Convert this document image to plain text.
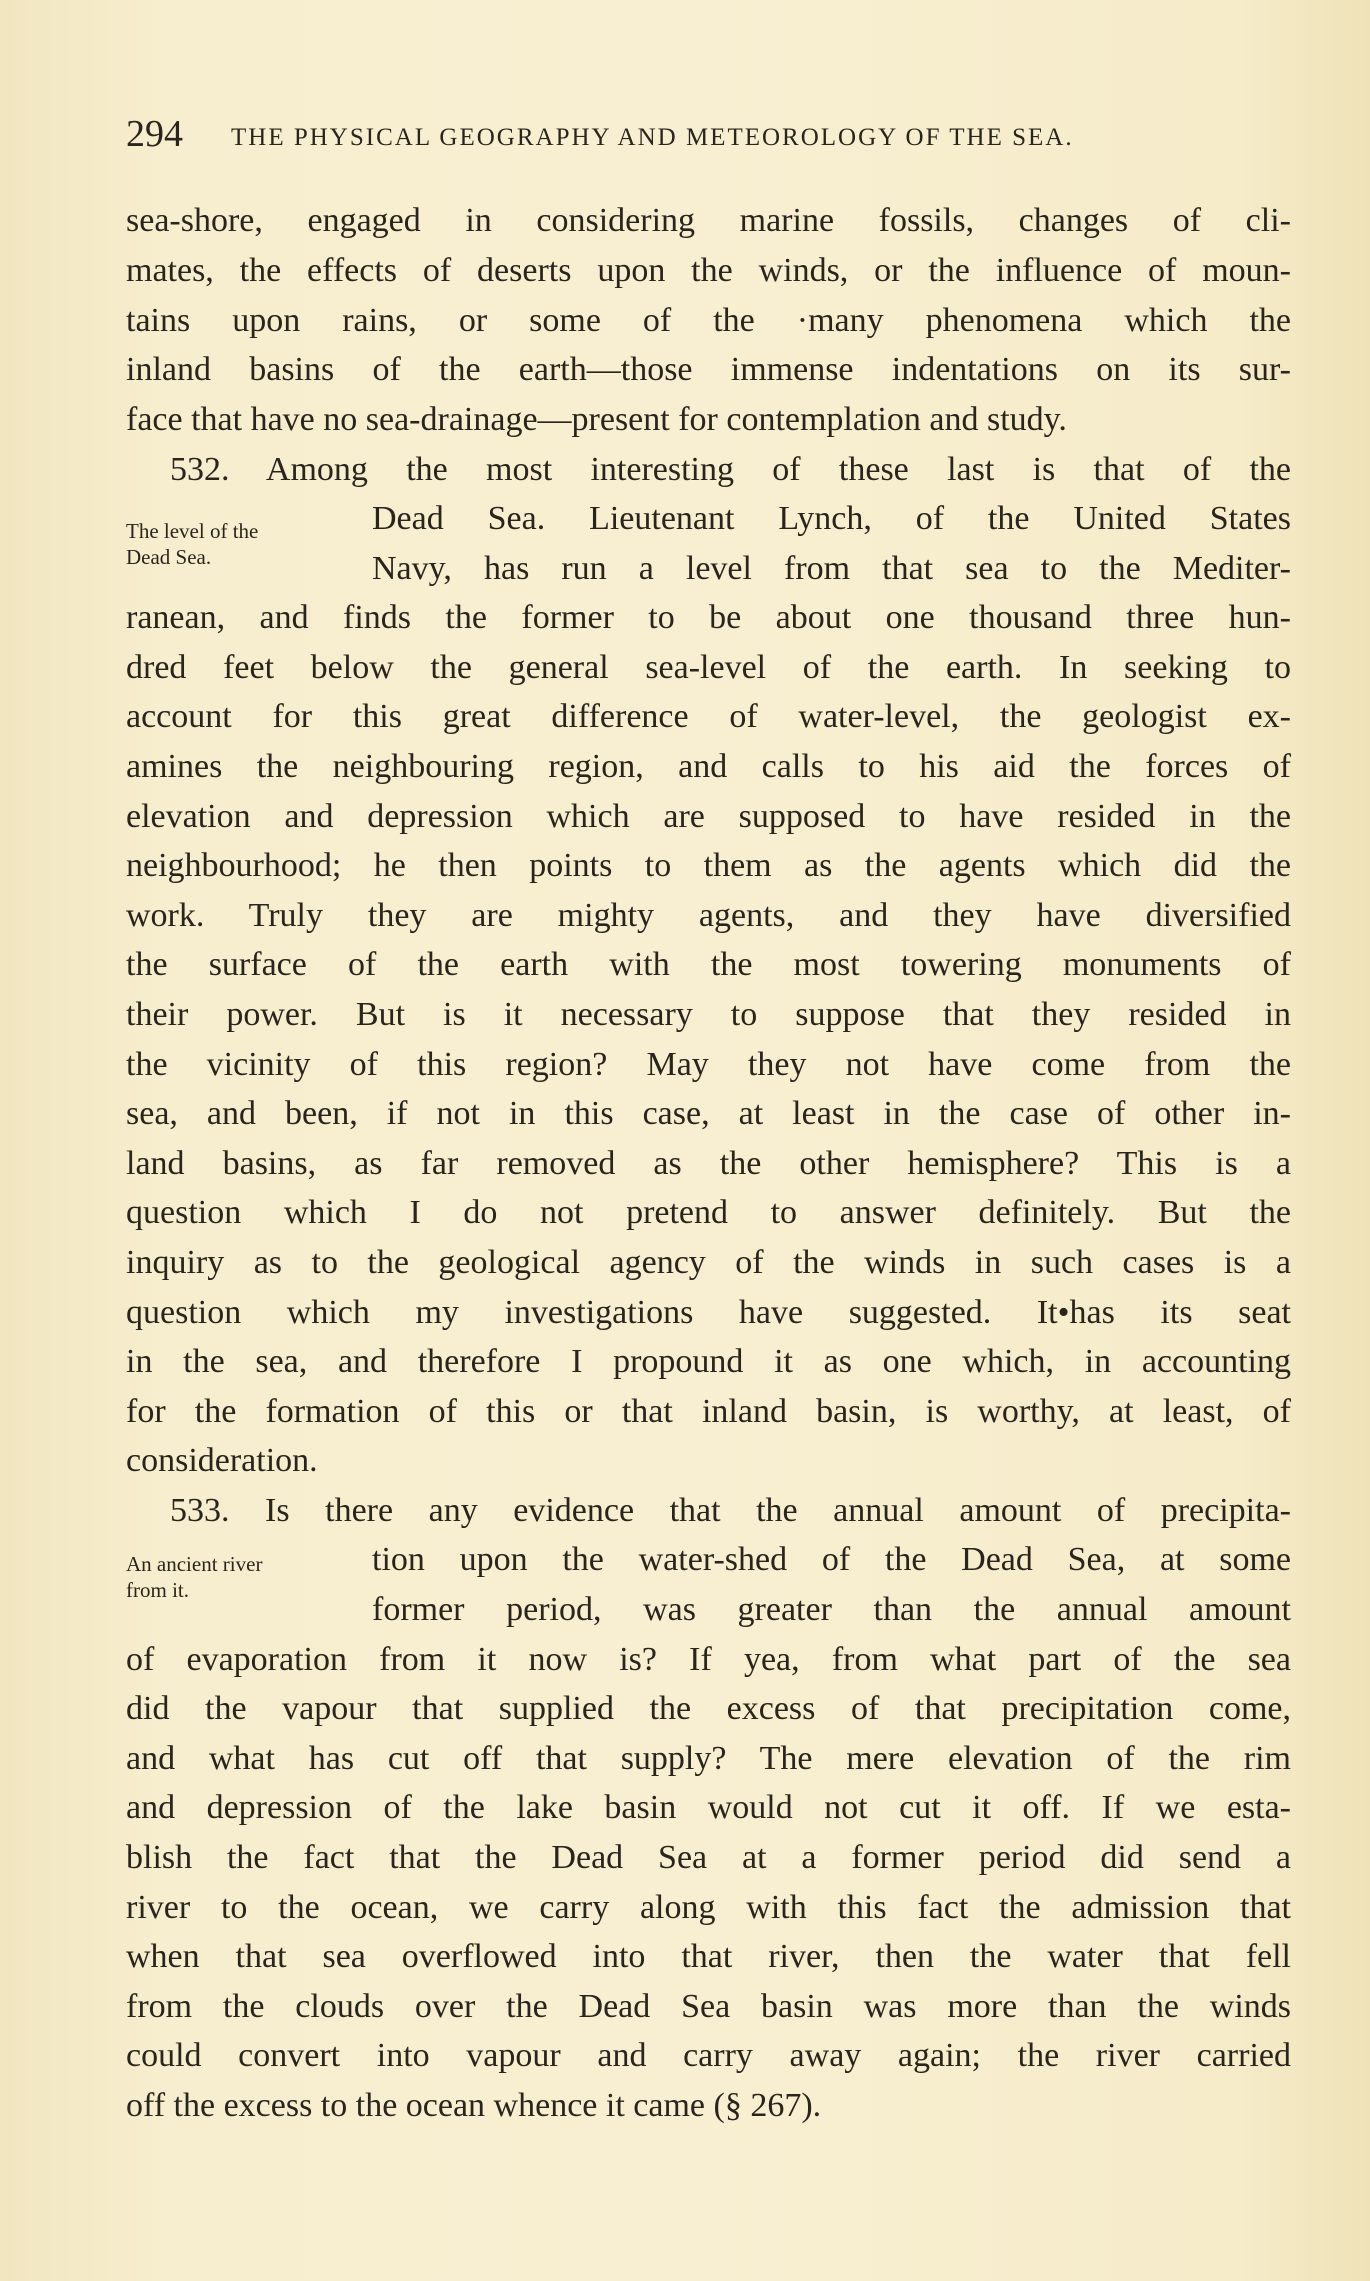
294 THE PHYSICAL GEOGRAPHY AND METEOROLOGY OF THE SEA.
The level of the
Dead Sea.
An ancient river
from it.
sea-shore, engaged in considering marine fossils, changes of cli-
mates, the effects of deserts upon the winds, or the influence of moun-
tains upon rains, or some of the ·many phenomena which the
inland basins of the earth—those immense indentations on its sur-
face that have no sea-drainage—present for contemplation and study.
532. Among the most interesting of these last is that of the
Dead Sea. Lieutenant Lynch, of the United States
Navy, has run a level from that sea to the Mediter-
ranean, and finds the former to be about one thousand three hun-
dred feet below the general sea-level of the earth. In seeking to
account for this great difference of water-level, the geologist ex-
amines the neighbouring region, and calls to his aid the forces of
elevation and depression which are supposed to have resided in the
neighbourhood; he then points to them as the agents which did the
work. Truly they are mighty agents, and they have diversified
the surface of the earth with the most towering monuments of
their power. But is it necessary to suppose that they resided in
the vicinity of this region? May they not have come from the
sea, and been, if not in this case, at least in the case of other in-
land basins, as far removed as the other hemisphere? This is a
question which I do not pretend to answer definitely. But the
inquiry as to the geological agency of the winds in such cases is a
question which my investigations have suggested. It•has its seat
in the sea, and therefore I propound it as one which, in accounting
for the formation of this or that inland basin, is worthy, at least, of
consideration.
533. Is there any evidence that the annual amount of precipita-
tion upon the water-shed of the Dead Sea, at some
former period, was greater than the annual amount
of evaporation from it now is? If yea, from what part of the sea
did the vapour that supplied the excess of that precipitation come,
and what has cut off that supply? The mere elevation of the rim
and depression of the lake basin would not cut it off. If we esta-
blish the fact that the Dead Sea at a former period did send a
river to the ocean, we carry along with this fact the admission that
when that sea overflowed into that river, then the water that fell
from the clouds over the Dead Sea basin was more than the winds
could convert into vapour and carry away again; the river carried
off the excess to the ocean whence it came (§ 267).
